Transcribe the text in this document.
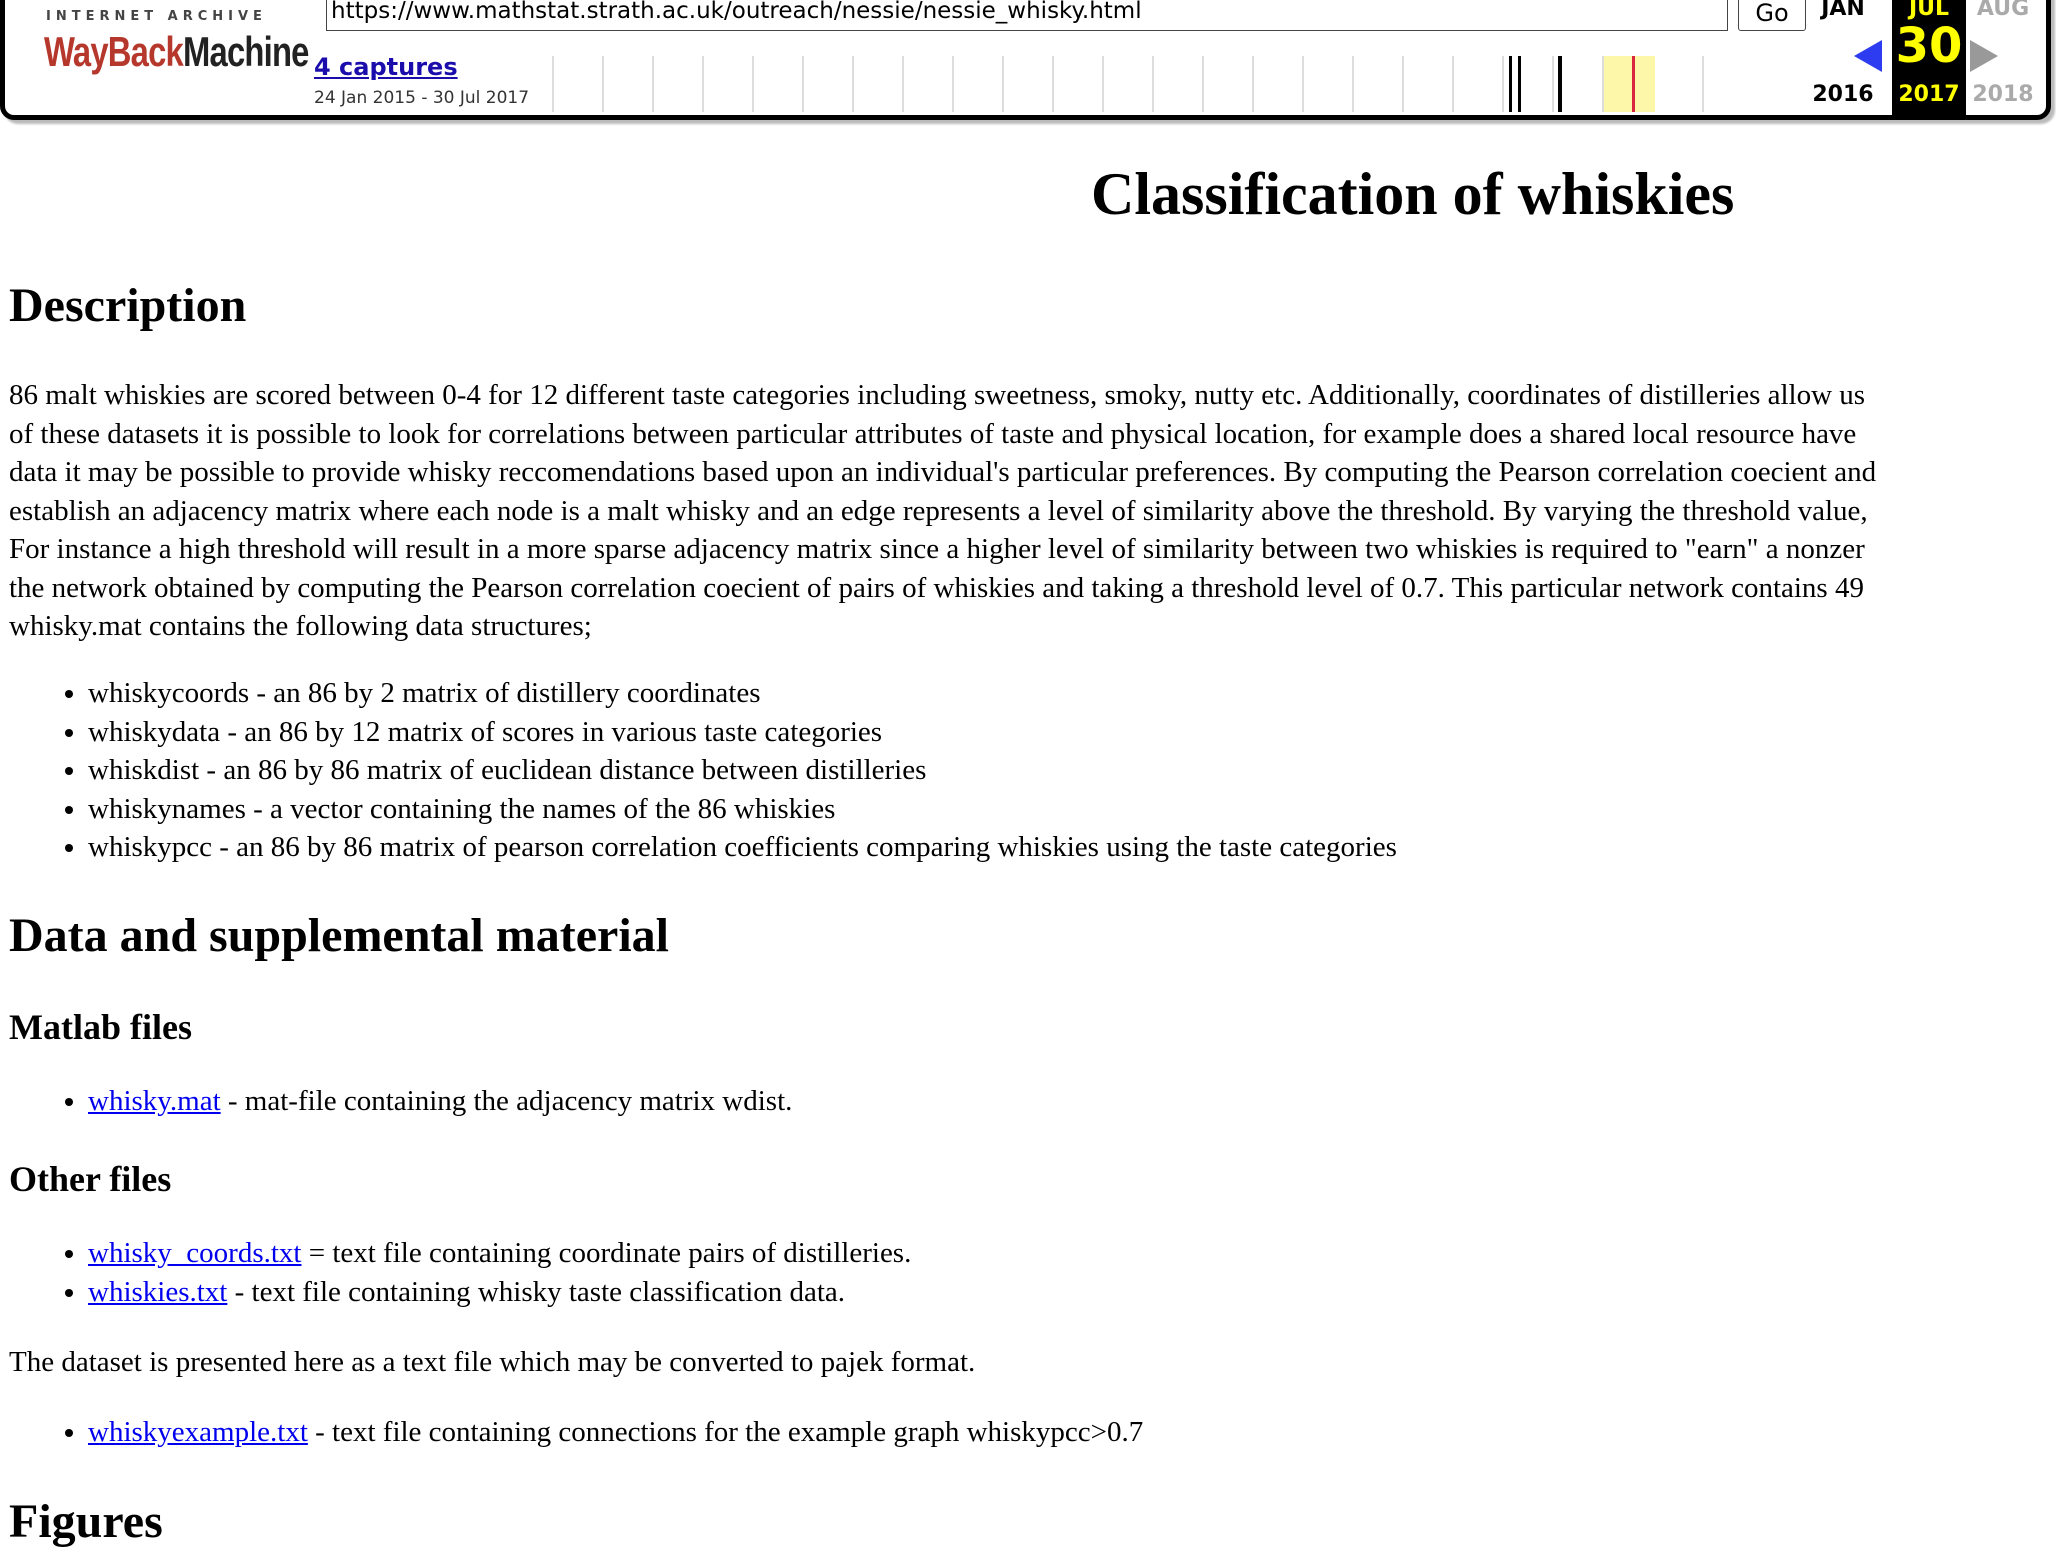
INTERNET ARCHIVE
WayBackMachine
https://www.mathstat.strath.ac.uk/outreach/nessie/nessie_whisky.html	Go
4 captures
24 Jan 2015 - 30 Jul 2017
JAN
2016
JUL
30
2017
AUG
2018
Classification of whiskies
Description
86 malt whiskies are scored between 0-4 for 12 different taste categories including sweetness, smoky, nutty etc. Additionally, coordinates of distilleries allow us
of these datasets it is possible to look for correlations between particular attributes of taste and physical location, for example does a shared local resource have
data it may be possible to provide whisky reccomendations based upon an individual's particular preferences. By computing the Pearson correlation coecient and
establish an adjacency matrix where each node is a malt whisky and an edge represents a level of similarity above the threshold. By varying the threshold value,
For instance a high threshold will result in a more sparse adjacency matrix since a higher level of similarity between two whiskies is required to "earn" a nonzer
the network obtained by computing the Pearson correlation coecient of pairs of whiskies and taking a threshold level of 0.7. This particular network contains 49
whisky.mat contains the following data structures;
• whiskycoords - an 86 by 2 matrix of distillery coordinates
• whiskydata - an 86 by 12 matrix of scores in various taste categories
• whiskdist - an 86 by 86 matrix of euclidean distance between distilleries
• whiskynames - a vector containing the names of the 86 whiskies
• whiskypcc - an 86 by 86 matrix of pearson correlation coefficients comparing whiskies using the taste categories
Data and supplemental material
Matlab files
• whisky.mat - mat-file containing the adjacency matrix wdist.
Other files
• whisky_coords.txt = text file containing coordinate pairs of distilleries.
• whiskies.txt - text file containing whisky taste classification data.
The dataset is presented here as a text file which may be converted to pajek format.
• whiskyexample.txt - text file containing connections for the example graph whiskypcc>0.7
Figures
